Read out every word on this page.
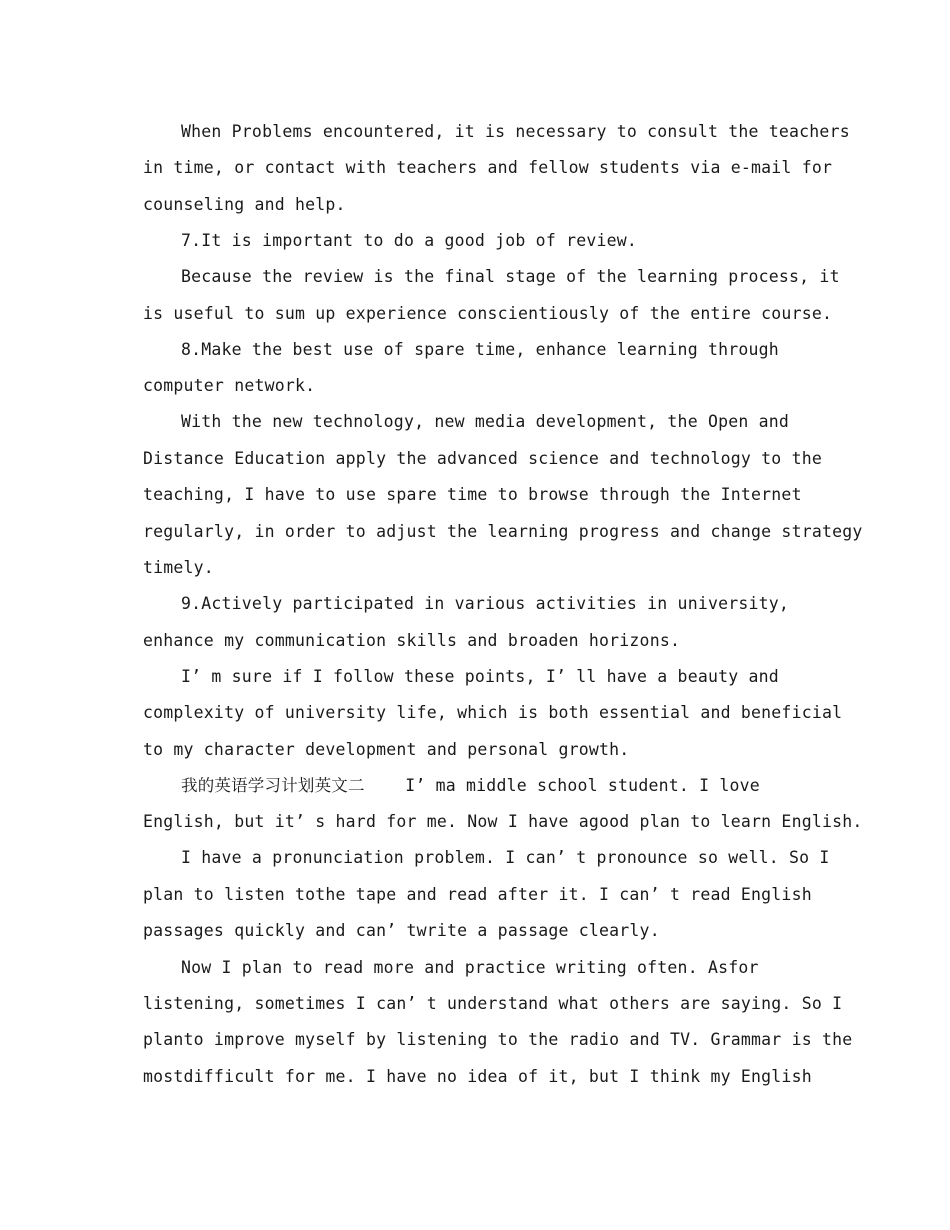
When Problems encountered, it is necessary to consult the teachers
in time, or contact with teachers and fellow students via e-mail for
counseling and help.
7.It is important to do a good job of review.
Because the review is the final stage of the learning process, it
is useful to sum up experience conscientiously of the entire course.
8.Make the best use of spare time, enhance learning through
computer network.
With the new technology, new media development, the Open and
Distance Education apply the advanced science and technology to the
teaching, I have to use spare time to browse through the Internet
regularly, in order to adjust the learning progress and change strategy
timely.
9.Actively participated in various activities in university,
enhance my communication skills and broaden horizons.
I’ m sure if I follow these points, I’ ll have a beauty and
complexity of university life, which is both essential and beneficial
to my character development and personal growth.
我的英语学习计划英文二    I’ ma middle school student. I love
English, but it’ s hard for me. Now I have agood plan to learn English.
I have a pronunciation problem. I can’ t pronounce so well. So I
plan to listen tothe tape and read after it. I can’ t read English
passages quickly and can’ twrite a passage clearly.
Now I plan to read more and practice writing often. Asfor
listening, sometimes I can’ t understand what others are saying. So I
planto improve myself by listening to the radio and TV. Grammar is the
mostdifficult for me. I have no idea of it, but I think my English
